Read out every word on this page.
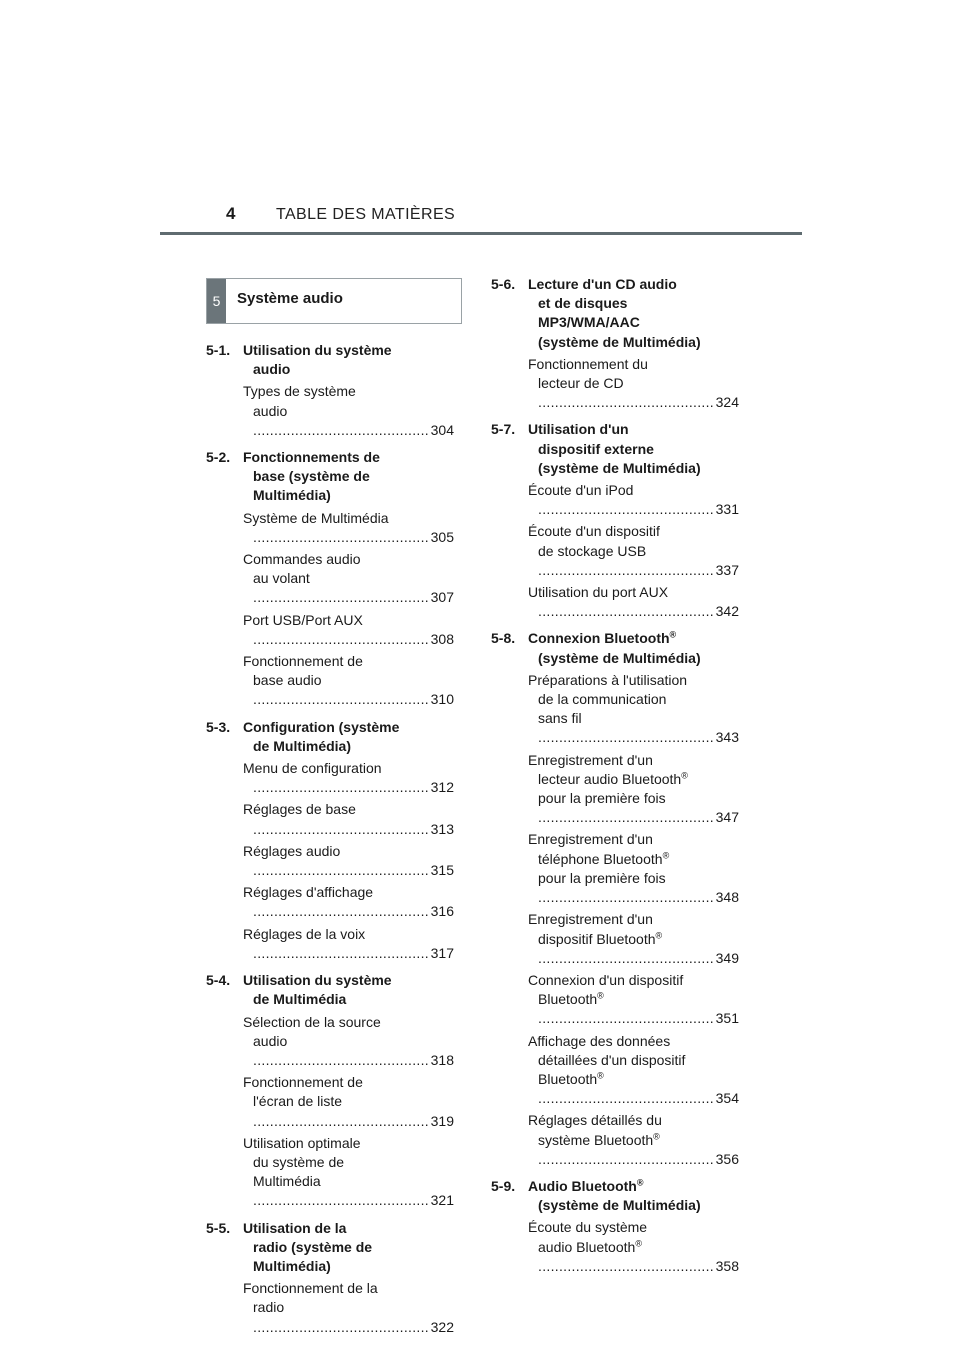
4	TABLE DES MATIÈRES
5	Système audio
5-1. Utilisation du système
audio
Types de système
audio .....
304
5-2. Fonctionnements de
base (système de
Multimédia)
Système de Multimédia .....
305
Commandes audio
au volant .....
307
Port USB/Port AUX .....
308
Fonctionnement de
base audio .....
310
5-3. Configuration (système
de Multimédia)
Menu de configuration .....
312
Réglages de base .....
313
Réglages audio .....
315
Réglages d'affichage .....
316
Réglages de la voix .....
317
5-4. Utilisation du système
de Multimédia
Sélection de la source
audio .....
318
Fonctionnement de
l'écran de liste .....
319
Utilisation optimale
du système de
Multimédia .....
321
5-5. Utilisation de la
radio (système de
Multimédia)
Fonctionnement de la
radio .....
322
5-6. Lecture d'un CD audio
et de disques
MP3/WMA/AAC
(système de Multimédia)
Fonctionnement du
lecteur de CD .....
324
5-7. Utilisation d'un
dispositif externe
(système de Multimédia)
Écoute d'un iPod .....
331
Écoute d'un dispositif
de stockage USB .....
337
Utilisation du port AUX .....
342
5-8. Connexion Bluetooth®
(système de Multimédia)
Préparations à l'utilisation
de la communication
sans fil .....
343
Enregistrement d'un
lecteur audio Bluetooth®
pour la première fois .....
347
Enregistrement d'un
téléphone Bluetooth®
pour la première fois .....
348
Enregistrement d'un
dispositif Bluetooth® .....
349
Connexion d'un dispositif
Bluetooth® .....
351
Affichage des données
détaillées d'un dispositif
Bluetooth® .....
354
Réglages détaillés du
système Bluetooth® .....
356
5-9. Audio Bluetooth®
(système de Multimédia)
Écoute du système
audio Bluetooth® .....
358
